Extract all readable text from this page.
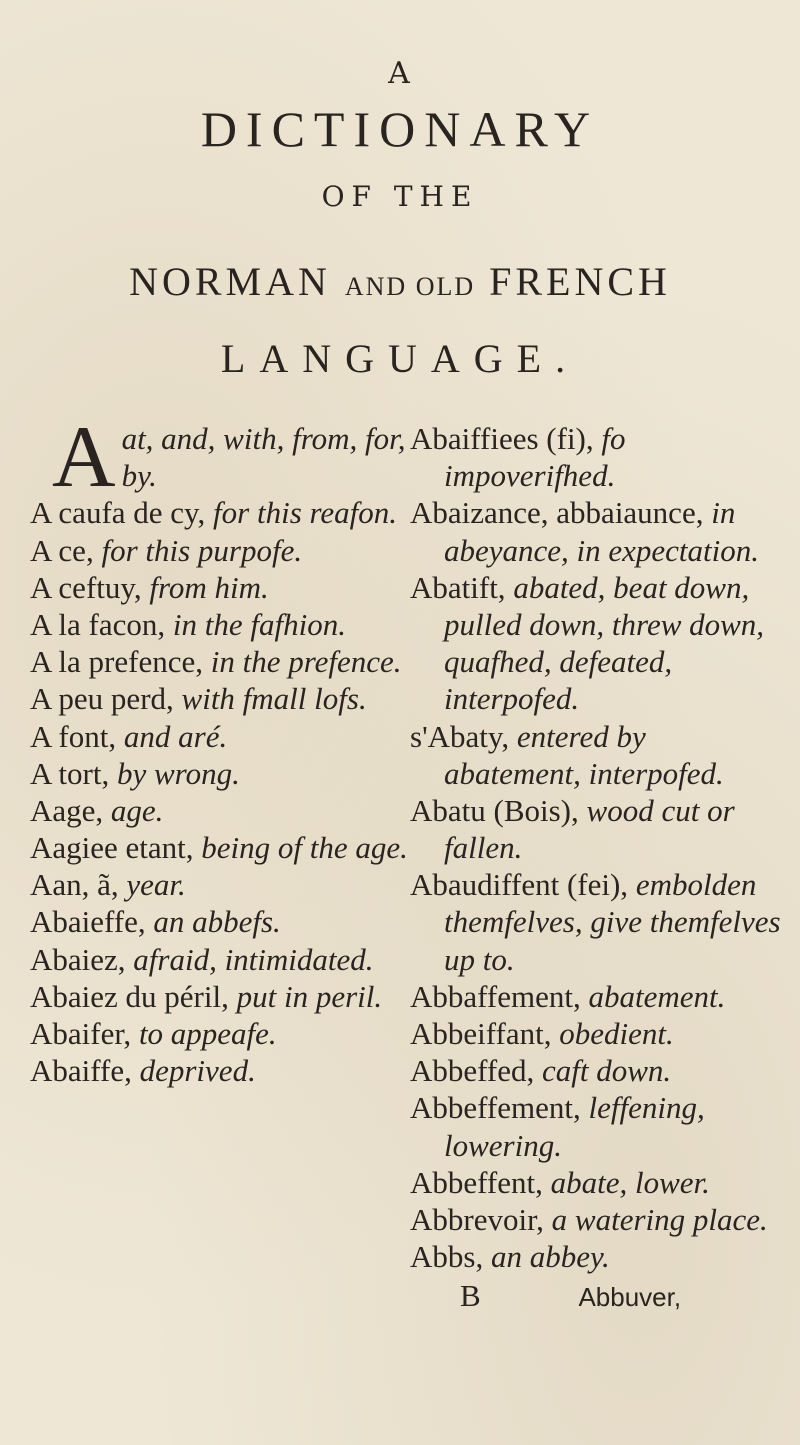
A
DICTIONARY
OF THE
NORMAN AND OLD FRENCH
LANGUAGE.
A at, and, with, from, for, by.
A caufa de cy, for this reafon.
A ce, for this purpofe.
A ceftuy, from him.
A la facon, in the fafhion.
A la prefence, in the prefence.
A peu perd, with fmall lofs.
A font, and aré.
A tort, by wrong.
Aage, age.
Aagiee etant, being of the age.
Aan, ã, year.
Abaieffe, an abbefs.
Abaiez, afraid, intimidated.
Abaiez du péril, put in peril.
Abaifer, to appeafe.
Abaiffe, deprived.
Abaiffiees (fi), fo impoverifhed.
Abaizance, abbaiaunce, in abeyance, in expectation.
Abatift, abated, beat down, pulled down, threw down, quafhed, defeated, interpofed.
s'Abaty, entered by abatement, interpofed.
Abatu (Bois), wood cut or fallen.
Abaudiffent (fei), embolden themfelves, give themfelves up to.
Abbaffement, abatement.
Abbeiffant, obedient.
Abbeffed, caft down.
Abbeffement, leffening, lowering.
Abbeffent, abate, lower.
Abbrevoir, a watering place.
Abbs, an abbey.
B	Abbuver,
